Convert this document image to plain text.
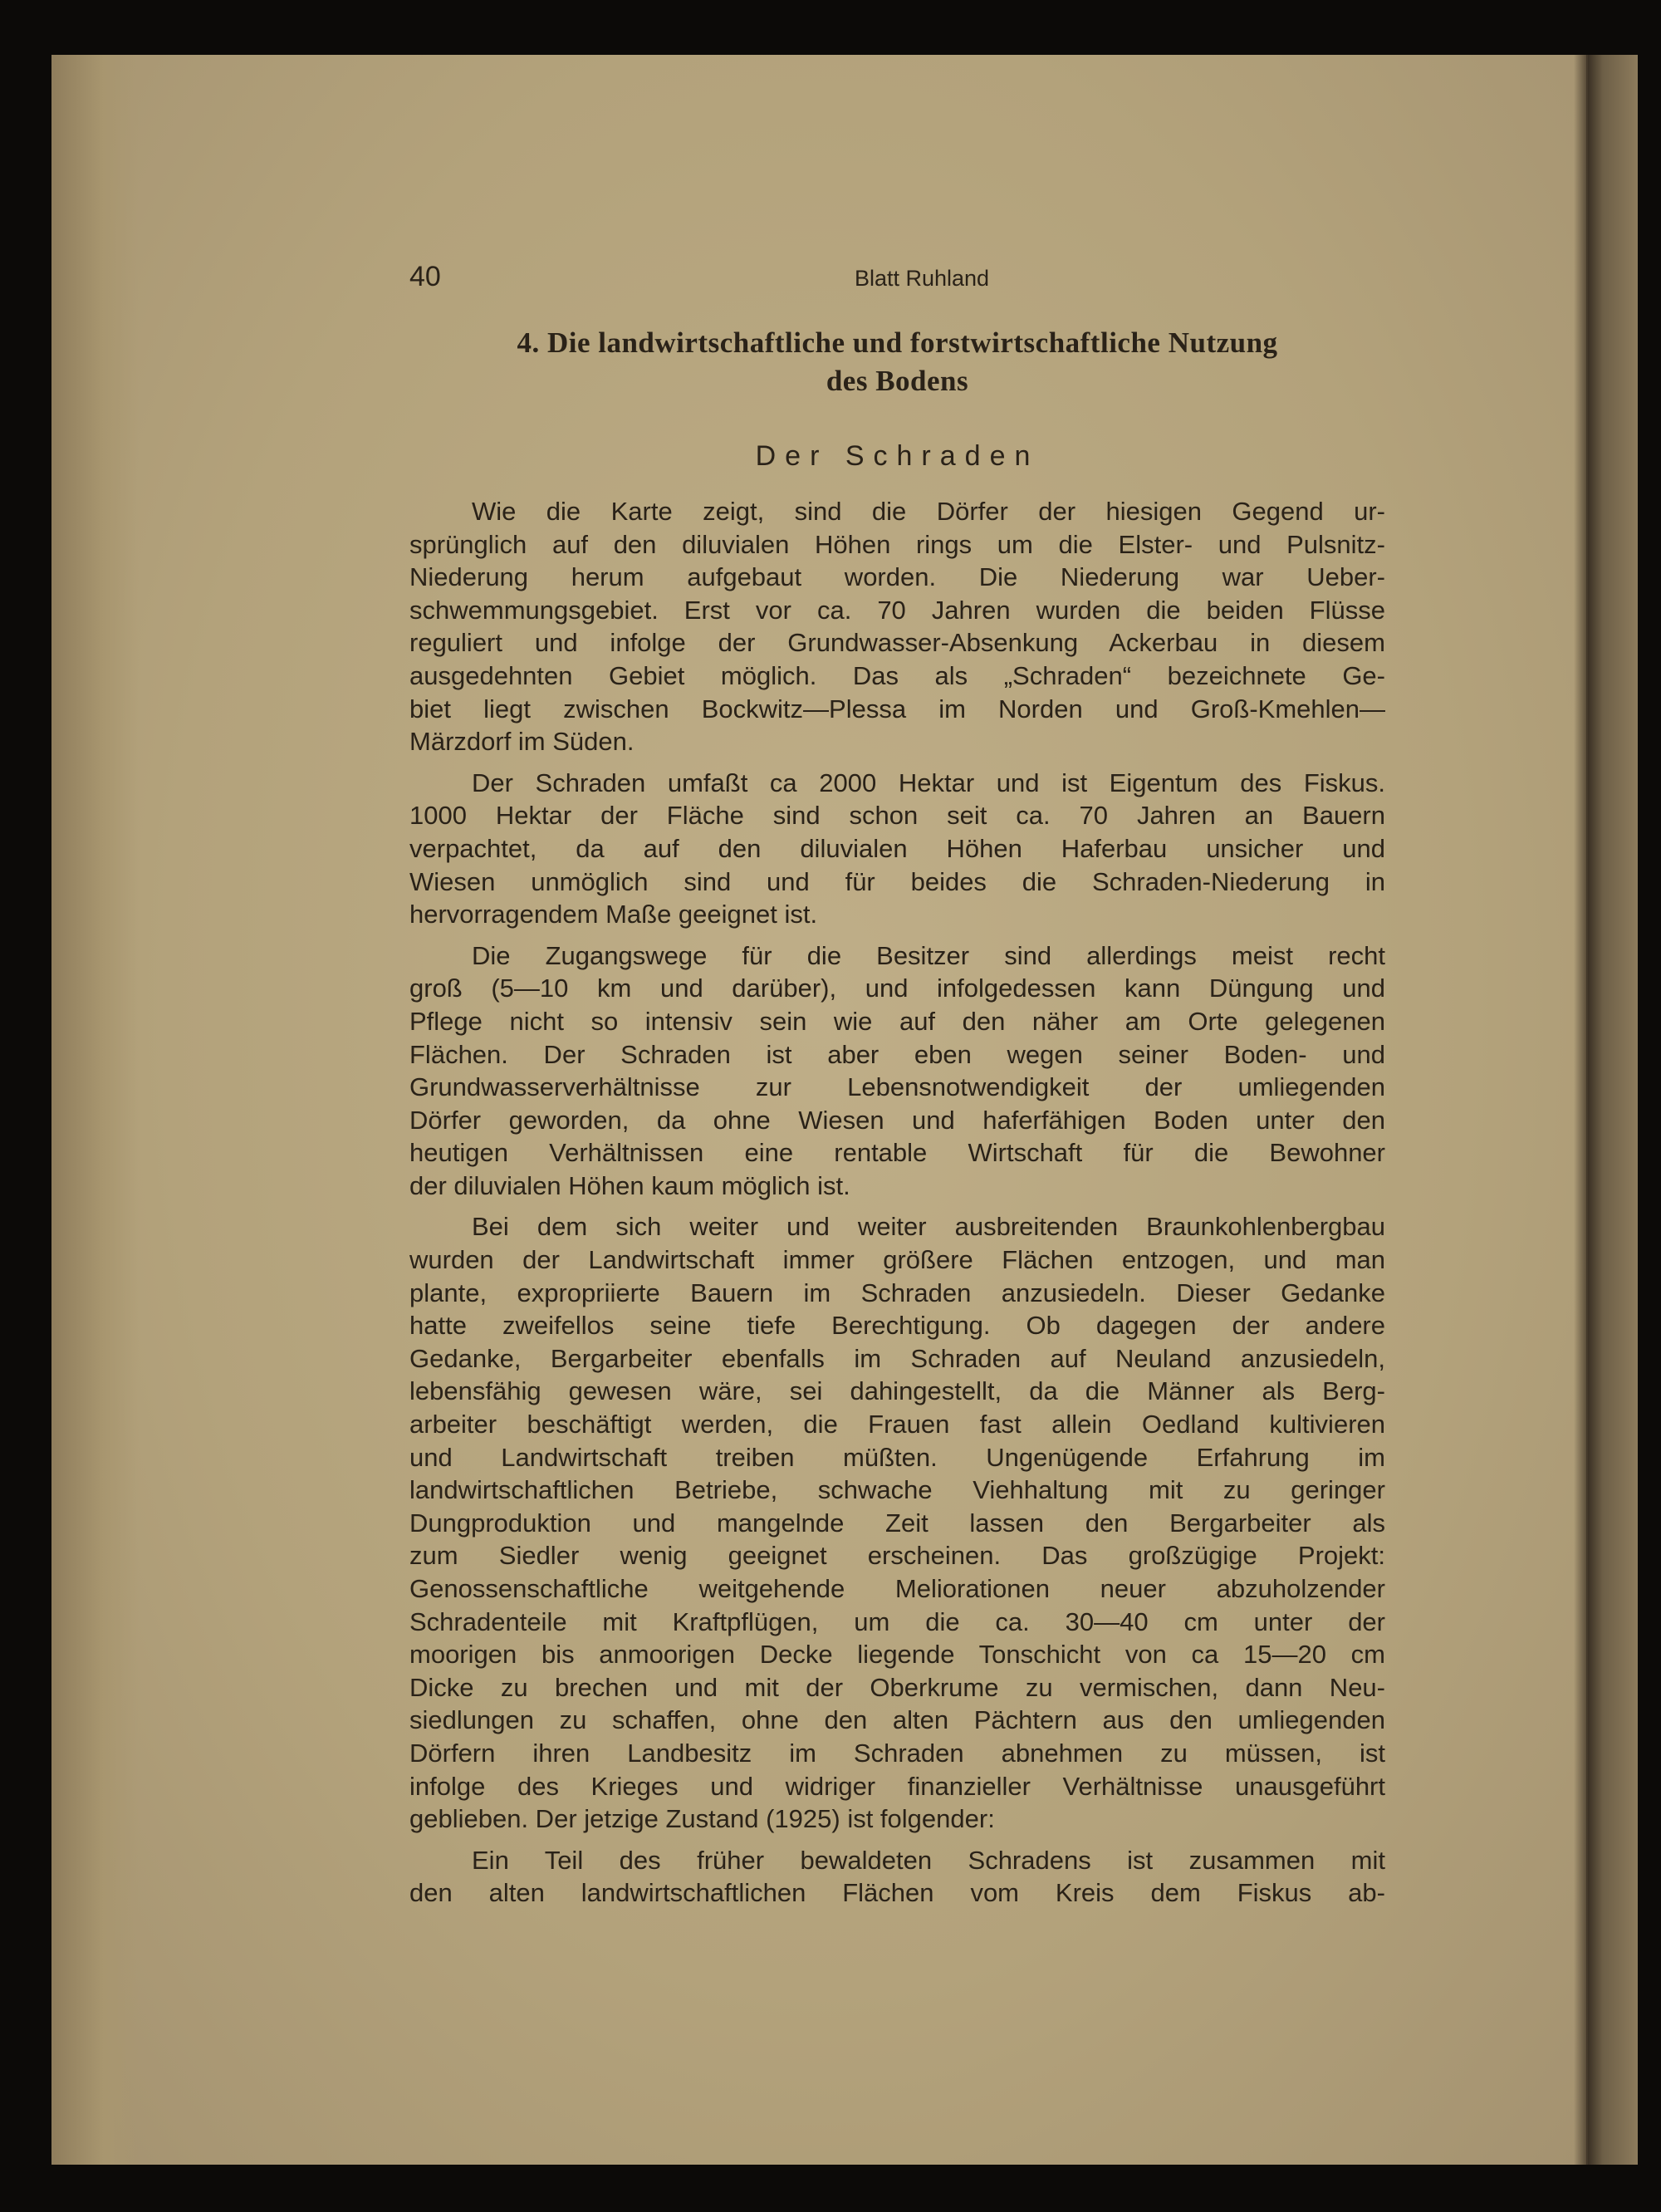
40	Blatt Ruhland
4. Die landwirtschaftliche und forstwirtschaftliche Nutzung
des Bodens
Der Schraden
Wie die Karte zeigt, sind die Dörfer der hiesigen Gegend ur-
sprünglich auf den diluvialen Höhen rings um die Elster- und Pulsnitz-
Niederung herum aufgebaut worden. Die Niederung war Ueber-
schwemmungsgebiet. Erst vor ca. 70 Jahren wurden die beiden Flüsse
reguliert und infolge der Grundwasser-Absenkung Ackerbau in diesem
ausgedehnten Gebiet möglich. Das als „Schraden“ bezeichnete Ge-
biet liegt zwischen Bockwitz—Plessa im Norden und Groß-Kmehlen—
Märzdorf im Süden.
Der Schraden umfaßt ca 2000 Hektar und ist Eigentum des Fiskus.
1000 Hektar der Fläche sind schon seit ca. 70 Jahren an Bauern
verpachtet, da auf den diluvialen Höhen Haferbau unsicher und
Wiesen unmöglich sind und für beides die Schraden-Niederung in
hervorragendem Maße geeignet ist.
Die Zugangswege für die Besitzer sind allerdings meist recht
groß (5—10 km und darüber), und infolgedessen kann Düngung und
Pflege nicht so intensiv sein wie auf den näher am Orte gelegenen
Flächen. Der Schraden ist aber eben wegen seiner Boden- und
Grundwasserverhältnisse zur Lebensnotwendigkeit der umliegenden
Dörfer geworden, da ohne Wiesen und haferfähigen Boden unter den
heutigen Verhältnissen eine rentable Wirtschaft für die Bewohner
der diluvialen Höhen kaum möglich ist.
Bei dem sich weiter und weiter ausbreitenden Braunkohlenbergbau
wurden der Landwirtschaft immer größere Flächen entzogen, und man
plante, expropriierte Bauern im Schraden anzusiedeln. Dieser Gedanke
hatte zweifellos seine tiefe Berechtigung. Ob dagegen der andere
Gedanke, Bergarbeiter ebenfalls im Schraden auf Neuland anzusiedeln,
lebensfähig gewesen wäre, sei dahingestellt, da die Männer als Berg-
arbeiter beschäftigt werden, die Frauen fast allein Oedland kultivieren
und Landwirtschaft treiben müßten. Ungenügende Erfahrung im
landwirtschaftlichen Betriebe, schwache Viehhaltung mit zu geringer
Dungproduktion und mangelnde Zeit lassen den Bergarbeiter als
zum Siedler wenig geeignet erscheinen. Das großzügige Projekt:
Genossenschaftliche weitgehende Meliorationen neuer abzuholzender
Schradenteile mit Kraftpflügen, um die ca. 30—40 cm unter der
moorigen bis anmoorigen Decke liegende Tonschicht von ca 15—20 cm
Dicke zu brechen und mit der Oberkrume zu vermischen, dann Neu-
siedlungen zu schaffen, ohne den alten Pächtern aus den umliegenden
Dörfern ihren Landbesitz im Schraden abnehmen zu müssen, ist
infolge des Krieges und widriger finanzieller Verhältnisse unausgeführt
geblieben. Der jetzige Zustand (1925) ist folgender:
Ein Teil des früher bewaldeten Schradens ist zusammen mit
den alten landwirtschaftlichen Flächen vom Kreis dem Fiskus ab-
